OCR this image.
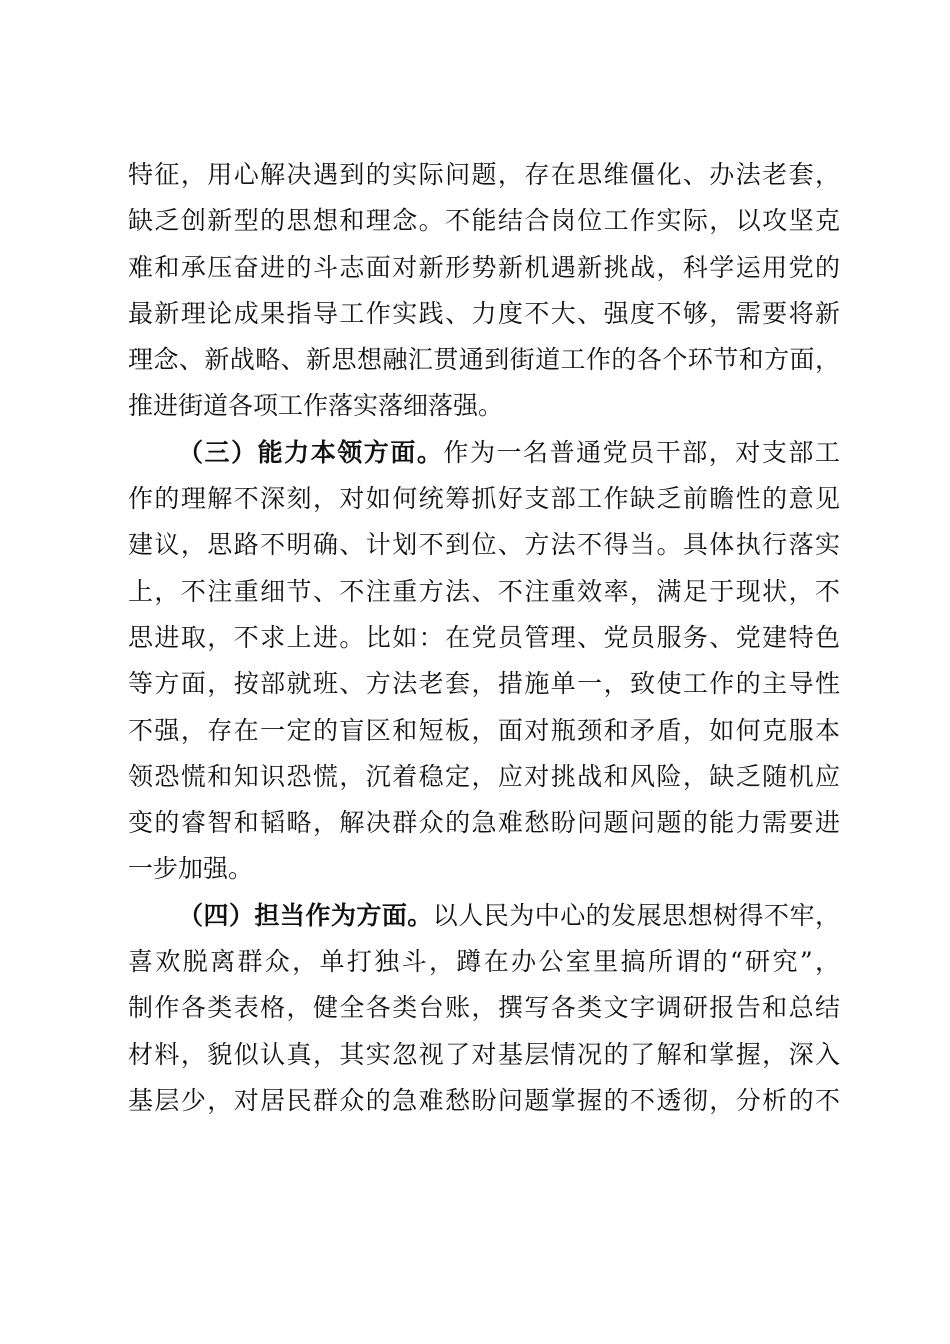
特征，用心解决遇到的实际问题，存在思维僵化、办法老套，
缺乏创新型的思想和理念。不能结合岗位工作实际，以攻坚克
难和承压奋进的斗志面对新形势新机遇新挑战，科学运用党的
最新理论成果指导工作实践、力度不大、强度不够，需要将新
理念、新战略、新思想融汇贯通到街道工作的各个环节和方面，
推进街道各项工作落实落细落强。
（三）能力本领方面。作为一名普通党员干部，对支部工
作的理解不深刻，对如何统筹抓好支部工作缺乏前瞻性的意见
建议，思路不明确、计划不到位、方法不得当。具体执行落实
上，不注重细节、不注重方法、不注重效率，满足于现状，不
思进取，不求上进。比如：在党员管理、党员服务、党建特色
等方面，按部就班、方法老套，措施单一，致使工作的主导性
不强，存在一定的盲区和短板，面对瓶颈和矛盾，如何克服本
领恐慌和知识恐慌，沉着稳定，应对挑战和风险，缺乏随机应
变的睿智和韬略，解决群众的急难愁盼问题问题的能力需要进
一步加强。
（四）担当作为方面。以人民为中心的发展思想树得不牢，
喜欢脱离群众，单打独斗，蹲在办公室里搞所谓的“研究”，
制作各类表格，健全各类台账，撰写各类文字调研报告和总结
材料，貌似认真，其实忽视了对基层情况的了解和掌握，深入
基层少，对居民群众的急难愁盼问题掌握的不透彻，分析的不
